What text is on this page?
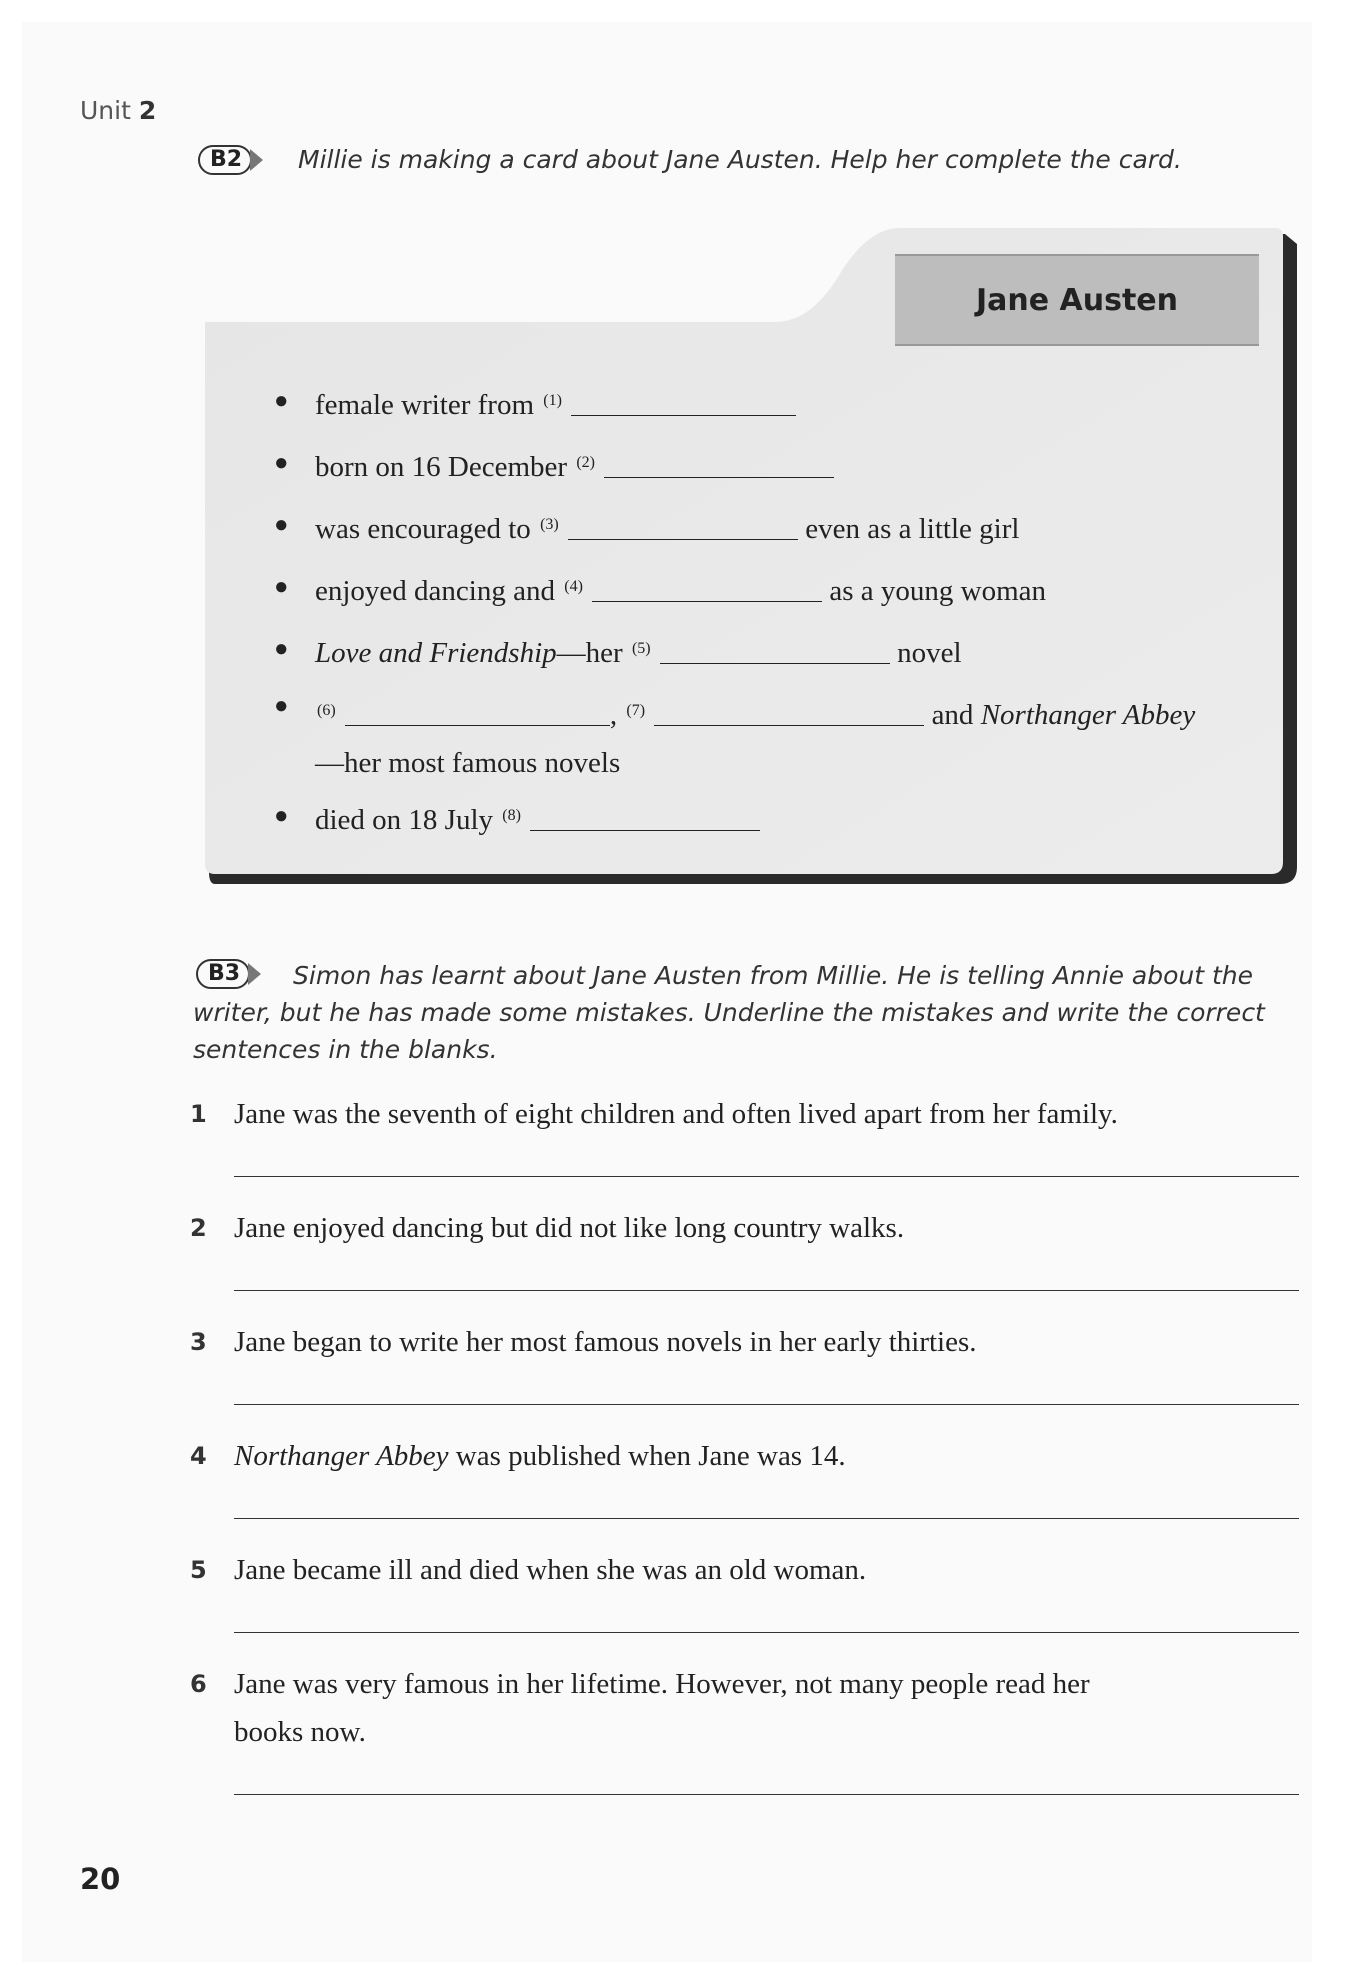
Unit 2
B2	Millie is making a card about Jane Austen. Help her complete the card.
Jane Austen
● female writer from $^{(1)}$
● born on 16 December $^{(2)}$
● was encouraged to $^{(3)}$	even as a little girl
● enjoyed dancing and $^{(4)}$	as a young woman
● Love and Friendship—her $^{(5)}$	novel
● $^{(6)}$	, $^{(7)}$	and Northanger Abbey
—her most famous novels
● died on 18 July $^{(8)}$
B3	Simon has learnt about Jane Austen from Millie. He is telling Annie about the
writer, but he has made some mistakes. Underline the mistakes and write the correct
sentences in the blanks.
1 Jane was the seventh of eight children and often lived apart from her family.
2 Jane enjoyed dancing but did not like long country walks.
3 Jane began to write her most famous novels in her early thirties.
4 Northanger Abbey was published when Jane was 14.
5 Jane became ill and died when she was an old woman.
6 Jane was very famous in her lifetime. However, not many people read her
books now.
20
